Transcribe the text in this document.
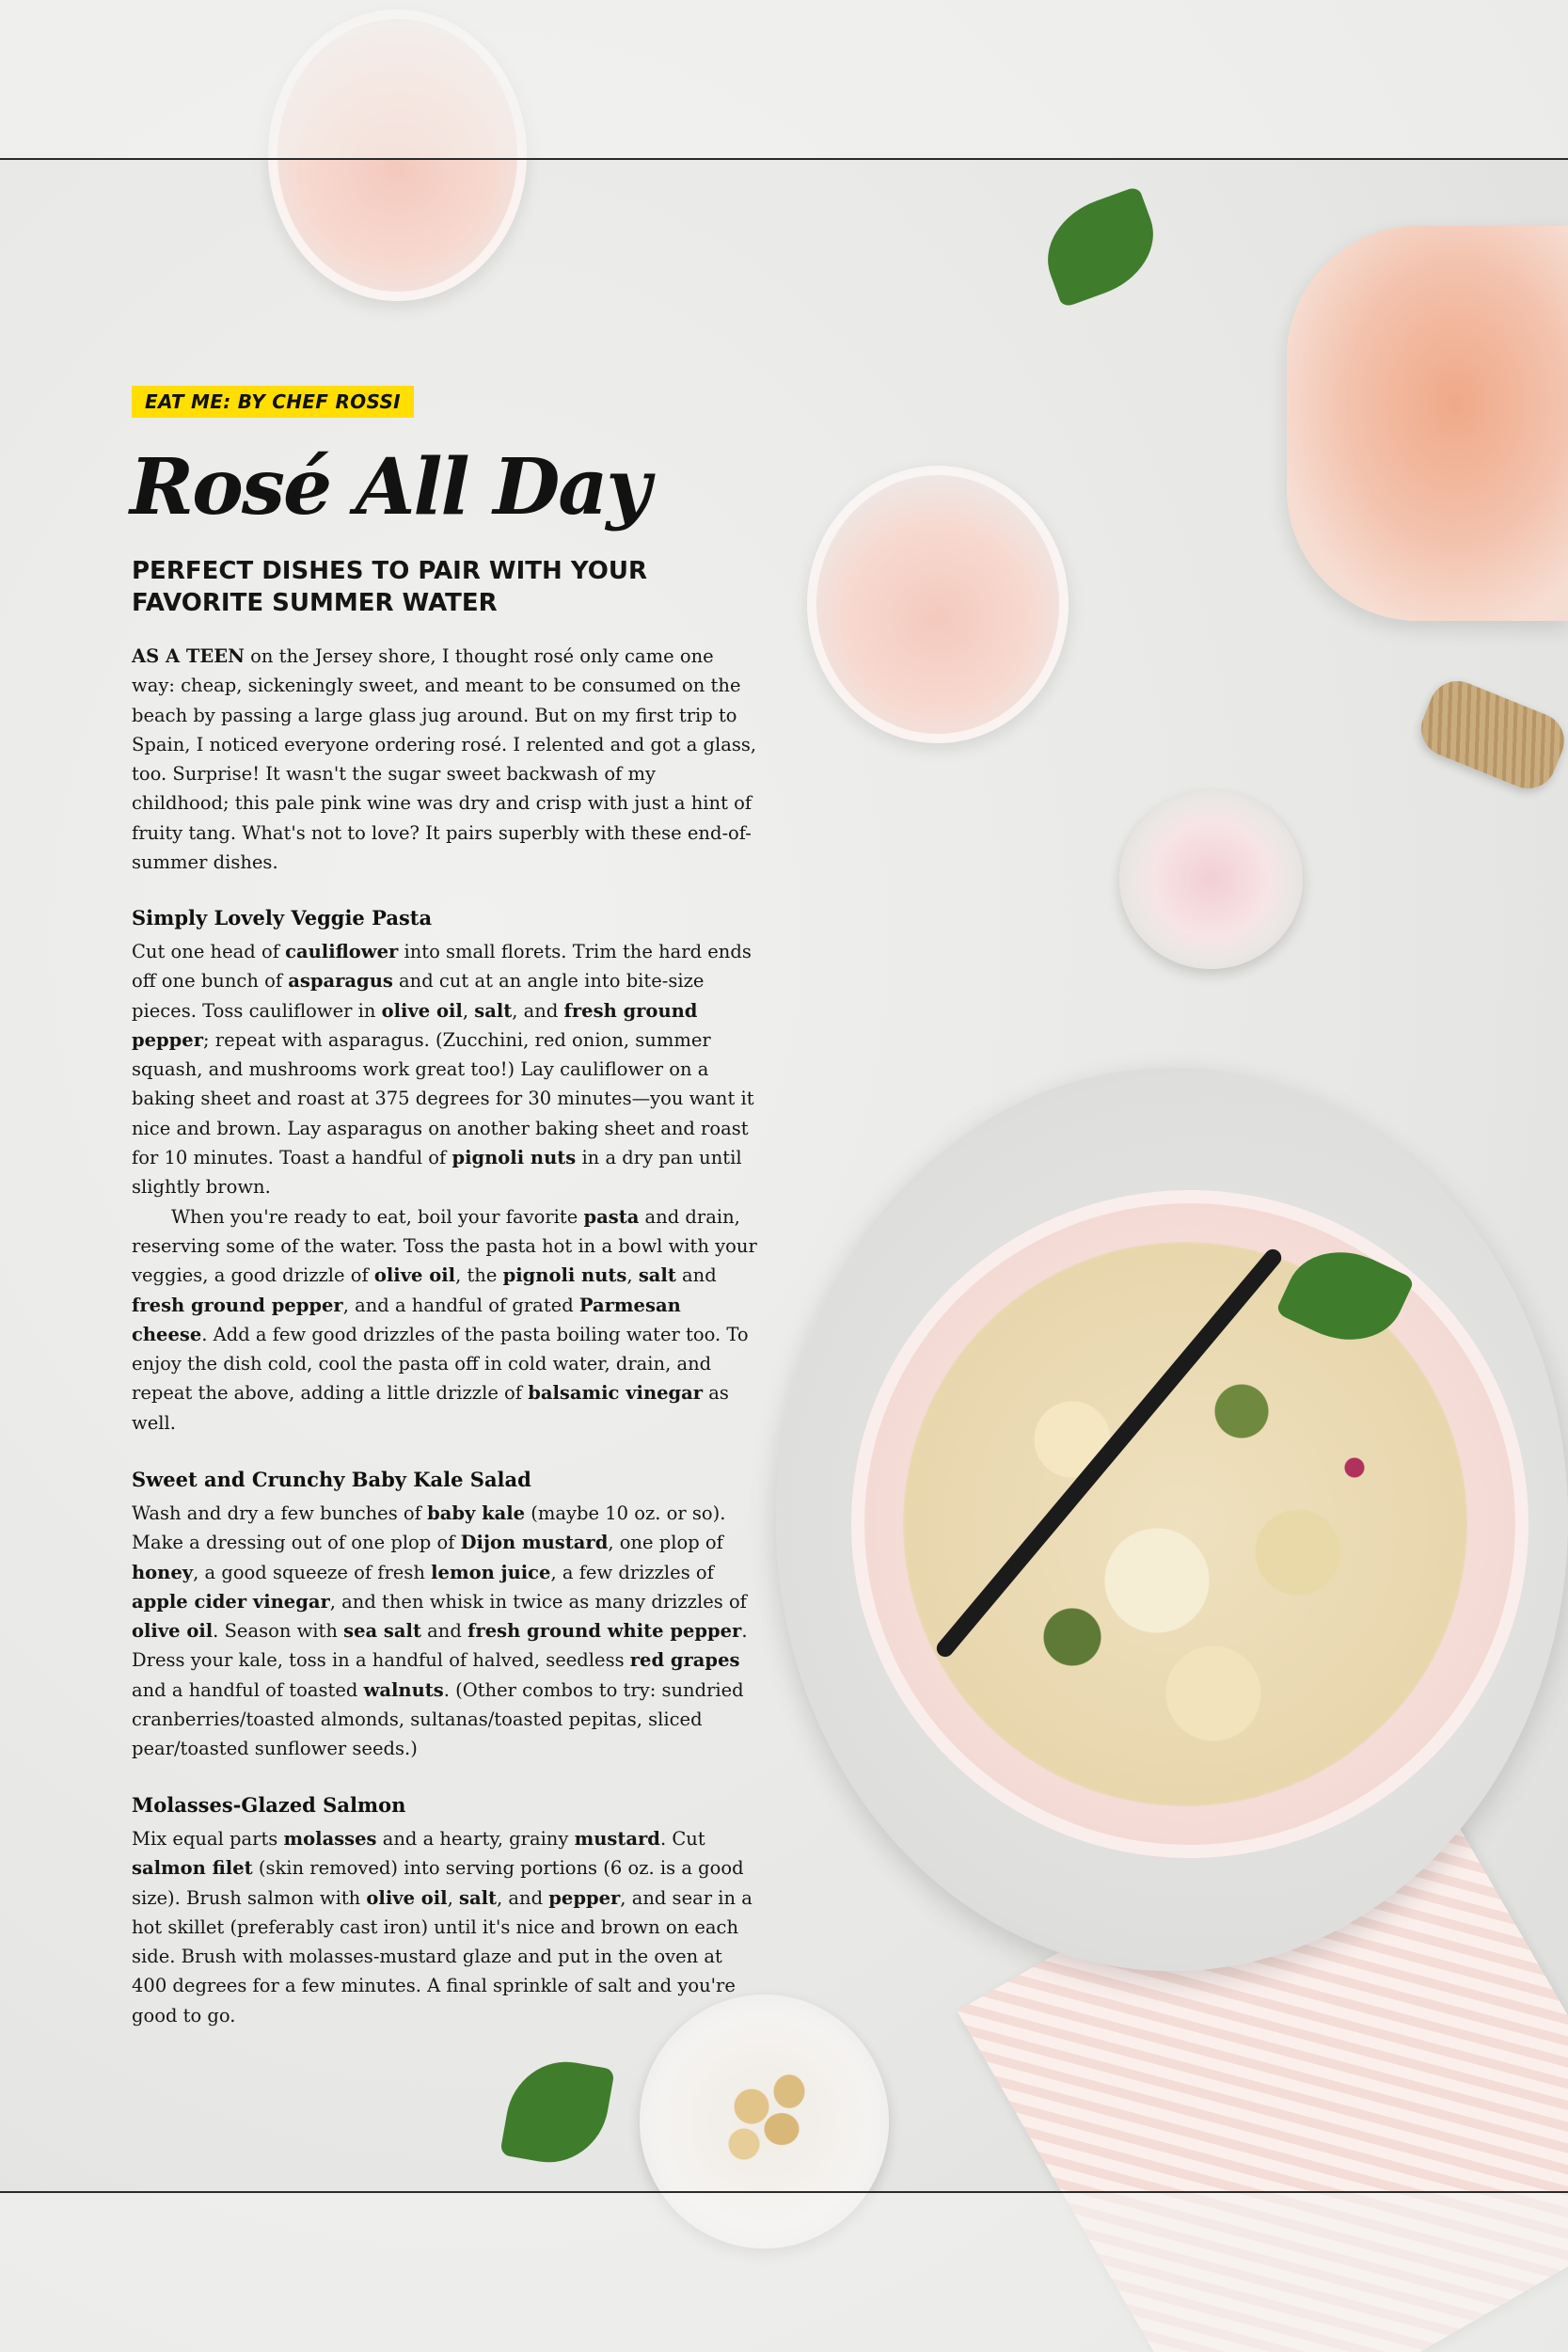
EAT ME: BY CHEF ROSSI
Rosé All Day
PERFECT DISHES TO PAIR WITH YOUR FAVORITE SUMMER WATER

AS A TEEN on the Jersey shore, I thought rosé only came one way: cheap, sickeningly sweet, and meant to be consumed on the beach by passing a large glass jug around. But on my first trip to Spain, I noticed everyone ordering rosé. I relented and got a glass, too. Surprise! It wasn't the sugar sweet backwash of my childhood; this pale pink wine was dry and crisp with just a hint of fruity tang. What's not to love? It pairs superbly with these end-of-summer dishes.

Simply Lovely Veggie Pasta

Cut one head of cauliflower into small florets. Trim the hard ends off one bunch of asparagus and cut at an angle into bite-size pieces. Toss cauliflower in olive oil, salt, and fresh ground pepper; repeat with asparagus. (Zucchini, red onion, summer squash, and mushrooms work great too!) Lay cauliflower on a baking sheet and roast at 375 degrees for 30 minutes—you want it nice and brown. Lay asparagus on another baking sheet and roast for 10 minutes. Toast a handful of pignoli nuts in a dry pan until slightly brown.
When you're ready to eat, boil your favorite pasta and drain, reserving some of the water. Toss the pasta hot in a bowl with your veggies, a good drizzle of olive oil, the pignoli nuts, salt and fresh ground pepper, and a handful of grated Parmesan cheese. Add a few good drizzles of the pasta boiling water too. To enjoy the dish cold, cool the pasta off in cold water, drain, and repeat the above, adding a little drizzle of balsamic vinegar as well.

Sweet and Crunchy Baby Kale Salad

Wash and dry a few bunches of baby kale (maybe 10 oz. or so). Make a dressing out of one plop of Dijon mustard, one plop of honey, a good squeeze of fresh lemon juice, a few drizzles of apple cider vinegar, and then whisk in twice as many drizzles of olive oil. Season with sea salt and fresh ground white pepper. Dress your kale, toss in a handful of halved, seedless red grapes and a handful of toasted walnuts. (Other combos to try: sundried cranberries/toasted almonds, sultanas/toasted pepitas, sliced pear/toasted sunflower seeds.)

Molasses-Glazed Salmon

Mix equal parts molasses and a hearty, grainy mustard. Cut salmon filet (skin removed) into serving portions (6 oz. is a good size). Brush salmon with olive oil, salt, and pepper, and sear in a hot skillet (preferably cast iron) until it's nice and brown on each side. Brush with molasses-mustard glaze and put in the oven at 400 degrees for a few minutes. A final sprinkle of salt and you're good to go.
